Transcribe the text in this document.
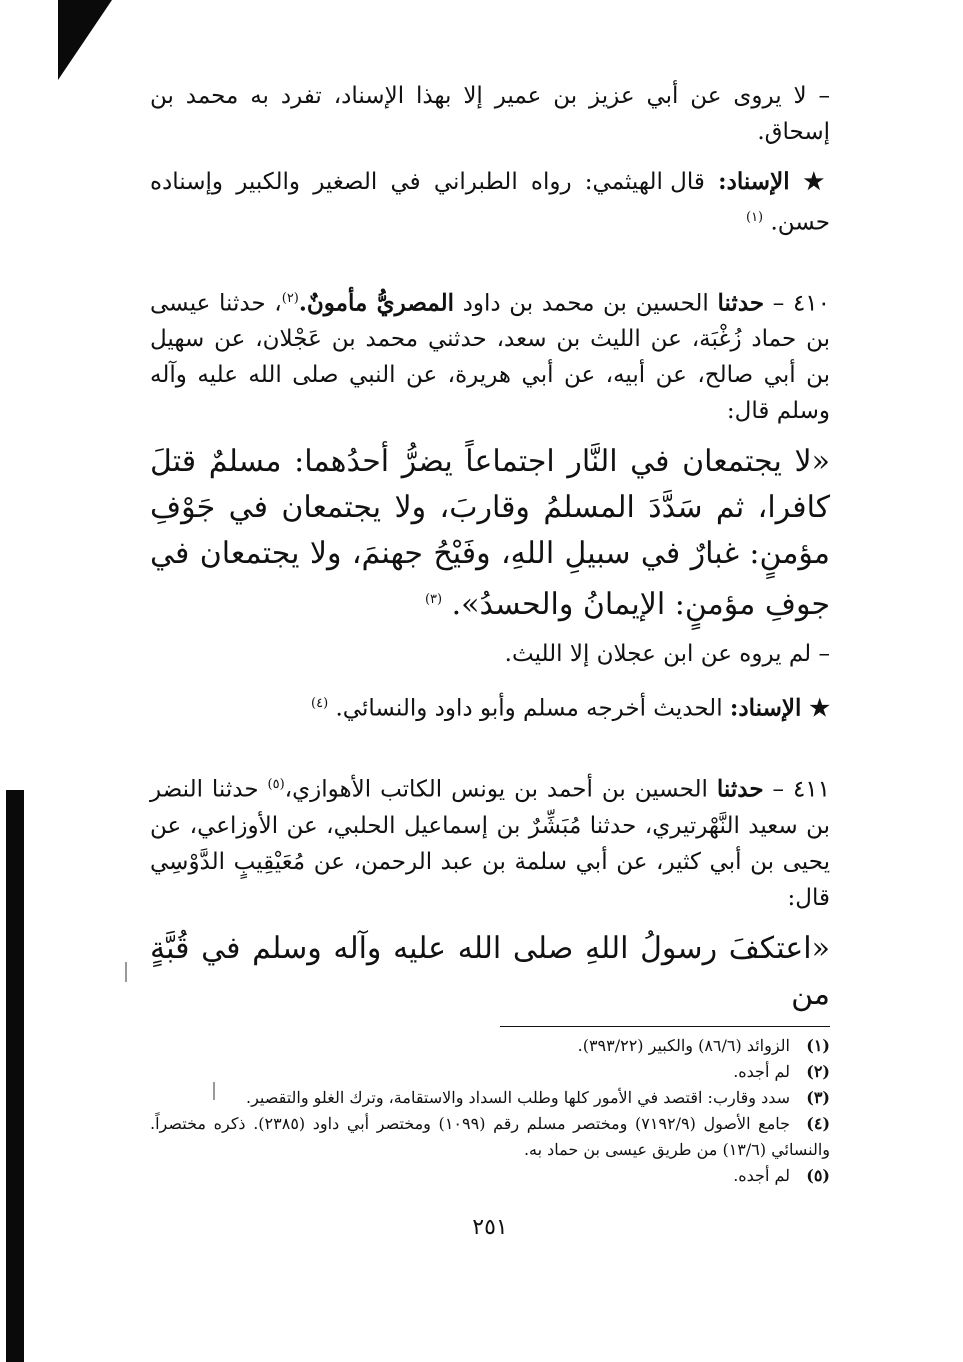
– لا يروى عن أبي عزيز بن عمير إلا بهذا الإسناد، تفرد به محمد بن إسحاق.

★ الإسناد: قال الهيثمي: رواه الطبراني في الصغير والكبير وإسناده حسن. $^{(١)}$

٤١٠ – حدثنا الحسين بن محمد بن داود المصريُّ مأمونٌ.$^{(٢)}$، حدثنا عيسى بن حماد زُغْبَة، عن الليث بن سعد، حدثني محمد بن عَجْلان، عن سهيل بن أبي صالح، عن أبيه، عن أبي هريرة، عن النبي صلى الله عليه وآله وسلم قال:

«لا يجتمعان في النَّار اجتماعاً يضرُّ أحدُهما: مسلمٌ قتلَ كافرا، ثم سَدَّدَ المسلمُ وقاربَ، ولا يجتمعان في جَوْفِ مؤمنٍ: غبارٌ في سبيلِ اللهِ، وفَيْحُ جهنمَ، ولا يجتمعان في جوفِ مؤمنٍ: الإيمانُ والحسدُ». $^{(٣)}$

– لم يروه عن ابن عجلان إلا الليث.

★ الإسناد: الحديث أخرجه مسلم وأبو داود والنسائي. $^{(٤)}$

٤١١ – حدثنا الحسين بن أحمد بن يونس الكاتب الأهوازي،$^{(٥)}$ حدثنا النضر بن سعيد النَّهْرتيري، حدثنا مُبَشِّرٌ بن إسماعيل الحلبي، عن الأوزاعي، عن يحيى بن أبي كثير، عن أبي سلمة بن عبد الرحمن، عن مُعَيْقِيبٍ الدَّوْسِي قال:

«اعتكفَ رسولُ اللهِ صلى الله عليه وآله وسلم في قُبَّةٍ من

(١)الزوائد (٨٦/٦) والكبير (٣٩٣/٢٢).

(٢)لم أجده.

(٣)سدد وقارب: اقتصد في الأمور كلها وطلب السداد والاستقامة، وترك الغلو والتقصير.

(٤)جامع الأصول (٧١٩٢/٩) ومختصر مسلم رقم (١٠٩٩) ومختصر أبي داود (٢٣٨٥). ذكره مختصراً. والنسائي (١٣/٦) من طريق عيسى بن حماد به.

(٥)لم أجده.

٢٥١
